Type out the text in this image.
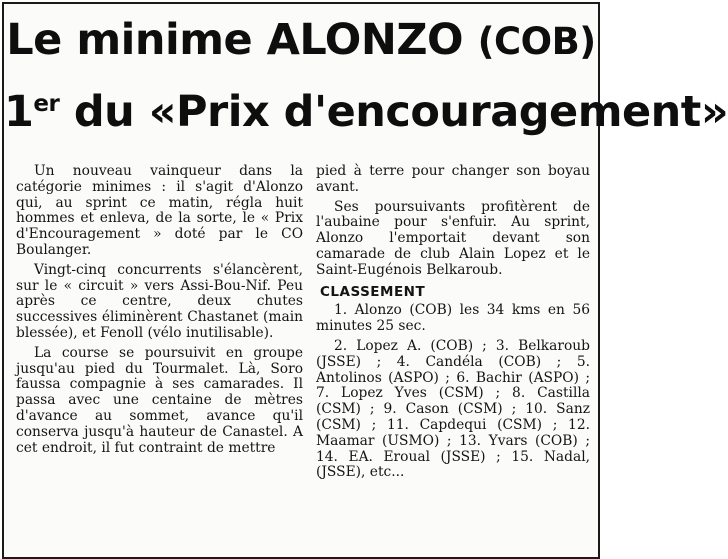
Le minime ALONZO (COB)
1er du «Prix d'encouragement»

Un nouveau vainqueur dans la catégorie minimes : il s'agit d'Alonzo qui, au sprint ce matin, régla huit hommes et enleva, de la sorte, le « Prix d'Encouragement » doté par le CO Boulanger.

Vingt-cinq concurrents s'élancèrent, sur le « circuit » vers Assi-Bou-Nif. Peu après ce centre, deux chutes successives éliminèrent Chastanet (main blessée), et Fenoll (vélo inutilisable).

La course se poursuivit en groupe jusqu'au pied du Tourmalet. Là, Soro faussa compagnie à ses camarades. Il passa avec une centaine de mètres d'avance au sommet, avance qu'il conserva jusqu'à hauteur de Canastel. A cet endroit, il fut contraint de mettre

pied à terre pour changer son boyau avant.

Ses poursuivants profitèrent de l'aubaine pour s'enfuir. Au sprint, Alonzo l'emportait devant son camarade de club Alain Lopez et le Saint-Eugénois Belkaroub.

CLASSEMENT

1. Alonzo (COB) les 34 kms en 56 minutes 25 sec.

2. Lopez A. (COB) ; 3. Belkaroub (JSSE) ; 4. Candéla (COB) ; 5. Antolinos (ASPO) ; 6. Bachir (ASPO) ; 7. Lopez Yves (CSM) ; 8. Castilla (CSM) ; 9. Cason (CSM) ; 10. Sanz (CSM) ; 11. Capdequi (CSM) ; 12. Maamar (USMO) ; 13. Yvars (COB) ; 14. EA. Eroual (JSSE) ; 15. Nadal, (JSSE), etc...
